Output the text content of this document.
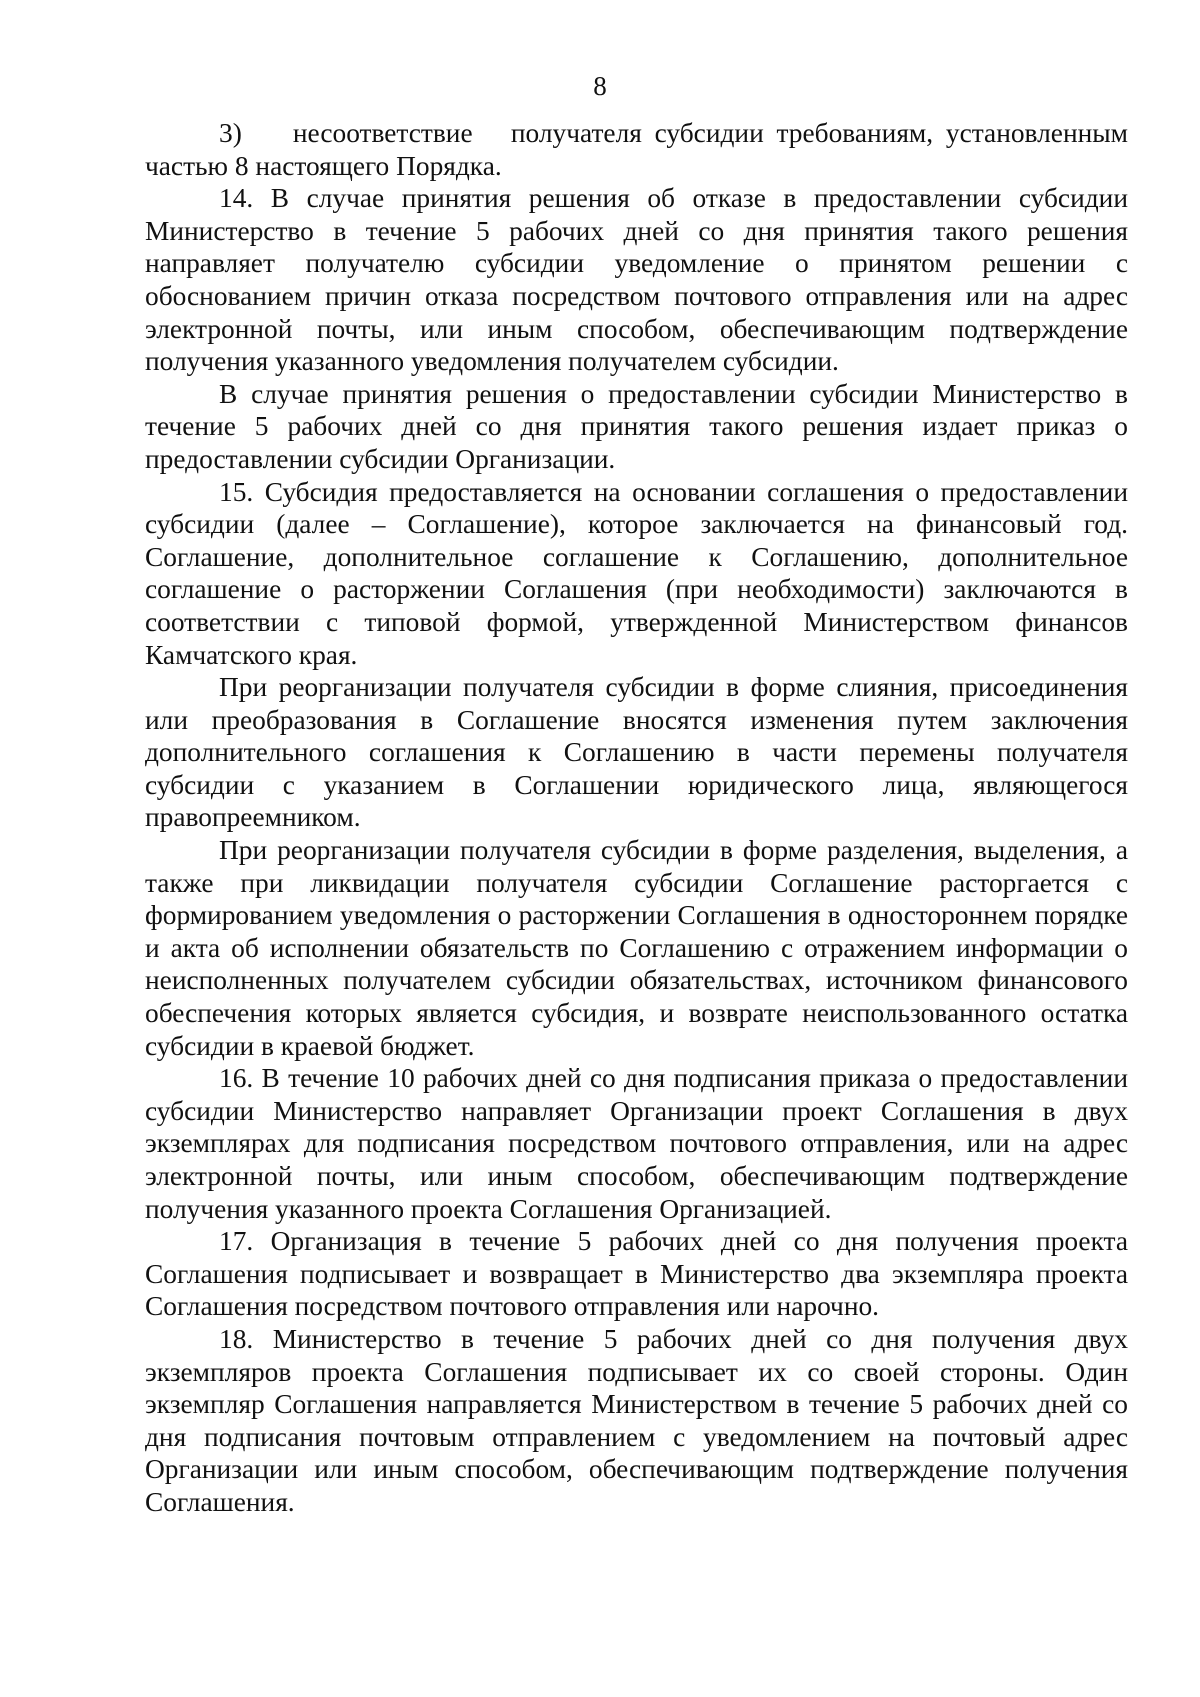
8

3)    несоответствие   получателя субсидии требованиям, установленным частью 8 настоящего Порядка.

14. В случае принятия решения об отказе в предоставлении субсидии Министерство в течение 5 рабочих дней со дня принятия такого решения направляет получателю субсидии уведомление о принятом решении с обоснованием причин отказа посредством почтового отправления или на адрес электронной почты, или иным способом, обеспечивающим подтверждение получения указанного уведомления получателем субсидии.

В случае принятия решения о предоставлении субсидии Министерство в течение 5 рабочих дней со дня принятия такого решения издает приказ о предоставлении субсидии Организации.

15. Субсидия предоставляется на основании соглашения о предоставлении субсидии (далее – Соглашение), которое заключается на финансовый год. Соглашение, дополнительное соглашение к Соглашению, дополнительное соглашение о расторжении Соглашения (при необходимости) заключаются в соответствии с типовой формой, утвержденной Министерством финансов Камчатского края.

При реорганизации получателя субсидии в форме слияния, присоединения или преобразования в Соглашение вносятся изменения путем заключения дополнительного соглашения к Соглашению в части перемены получателя субсидии с указанием в Соглашении юридического лица, являющегося правопреемником.

При реорганизации получателя субсидии в форме разделения, выделения, а также при ликвидации получателя субсидии Соглашение расторгается с формированием уведомления о расторжении Соглашения в одностороннем порядке и акта об исполнении обязательств по Соглашению с отражением информации о неисполненных получателем субсидии обязательствах, источником финансового обеспечения которых является субсидия, и возврате неиспользованного остатка субсидии в краевой бюджет.

16. В течение 10 рабочих дней со дня подписания приказа о предоставлении субсидии Министерство направляет Организации проект Соглашения в двух экземплярах для подписания посредством почтового отправления, или на адрес электронной почты, или иным способом, обеспечивающим подтверждение получения указанного проекта Соглашения Организацией.

17. Организация в течение 5 рабочих дней со дня получения проекта Соглашения подписывает и возвращает в Министерство два экземпляра проекта Соглашения посредством почтового отправления или нарочно.

18. Министерство в течение 5 рабочих дней со дня получения двух экземпляров проекта Соглашения подписывает их со своей стороны. Один экземпляр Соглашения направляется Министерством в течение 5 рабочих дней со дня подписания почтовым отправлением с уведомлением на почтовый адрес Организации или иным способом, обеспечивающим подтверждение получения Соглашения.
